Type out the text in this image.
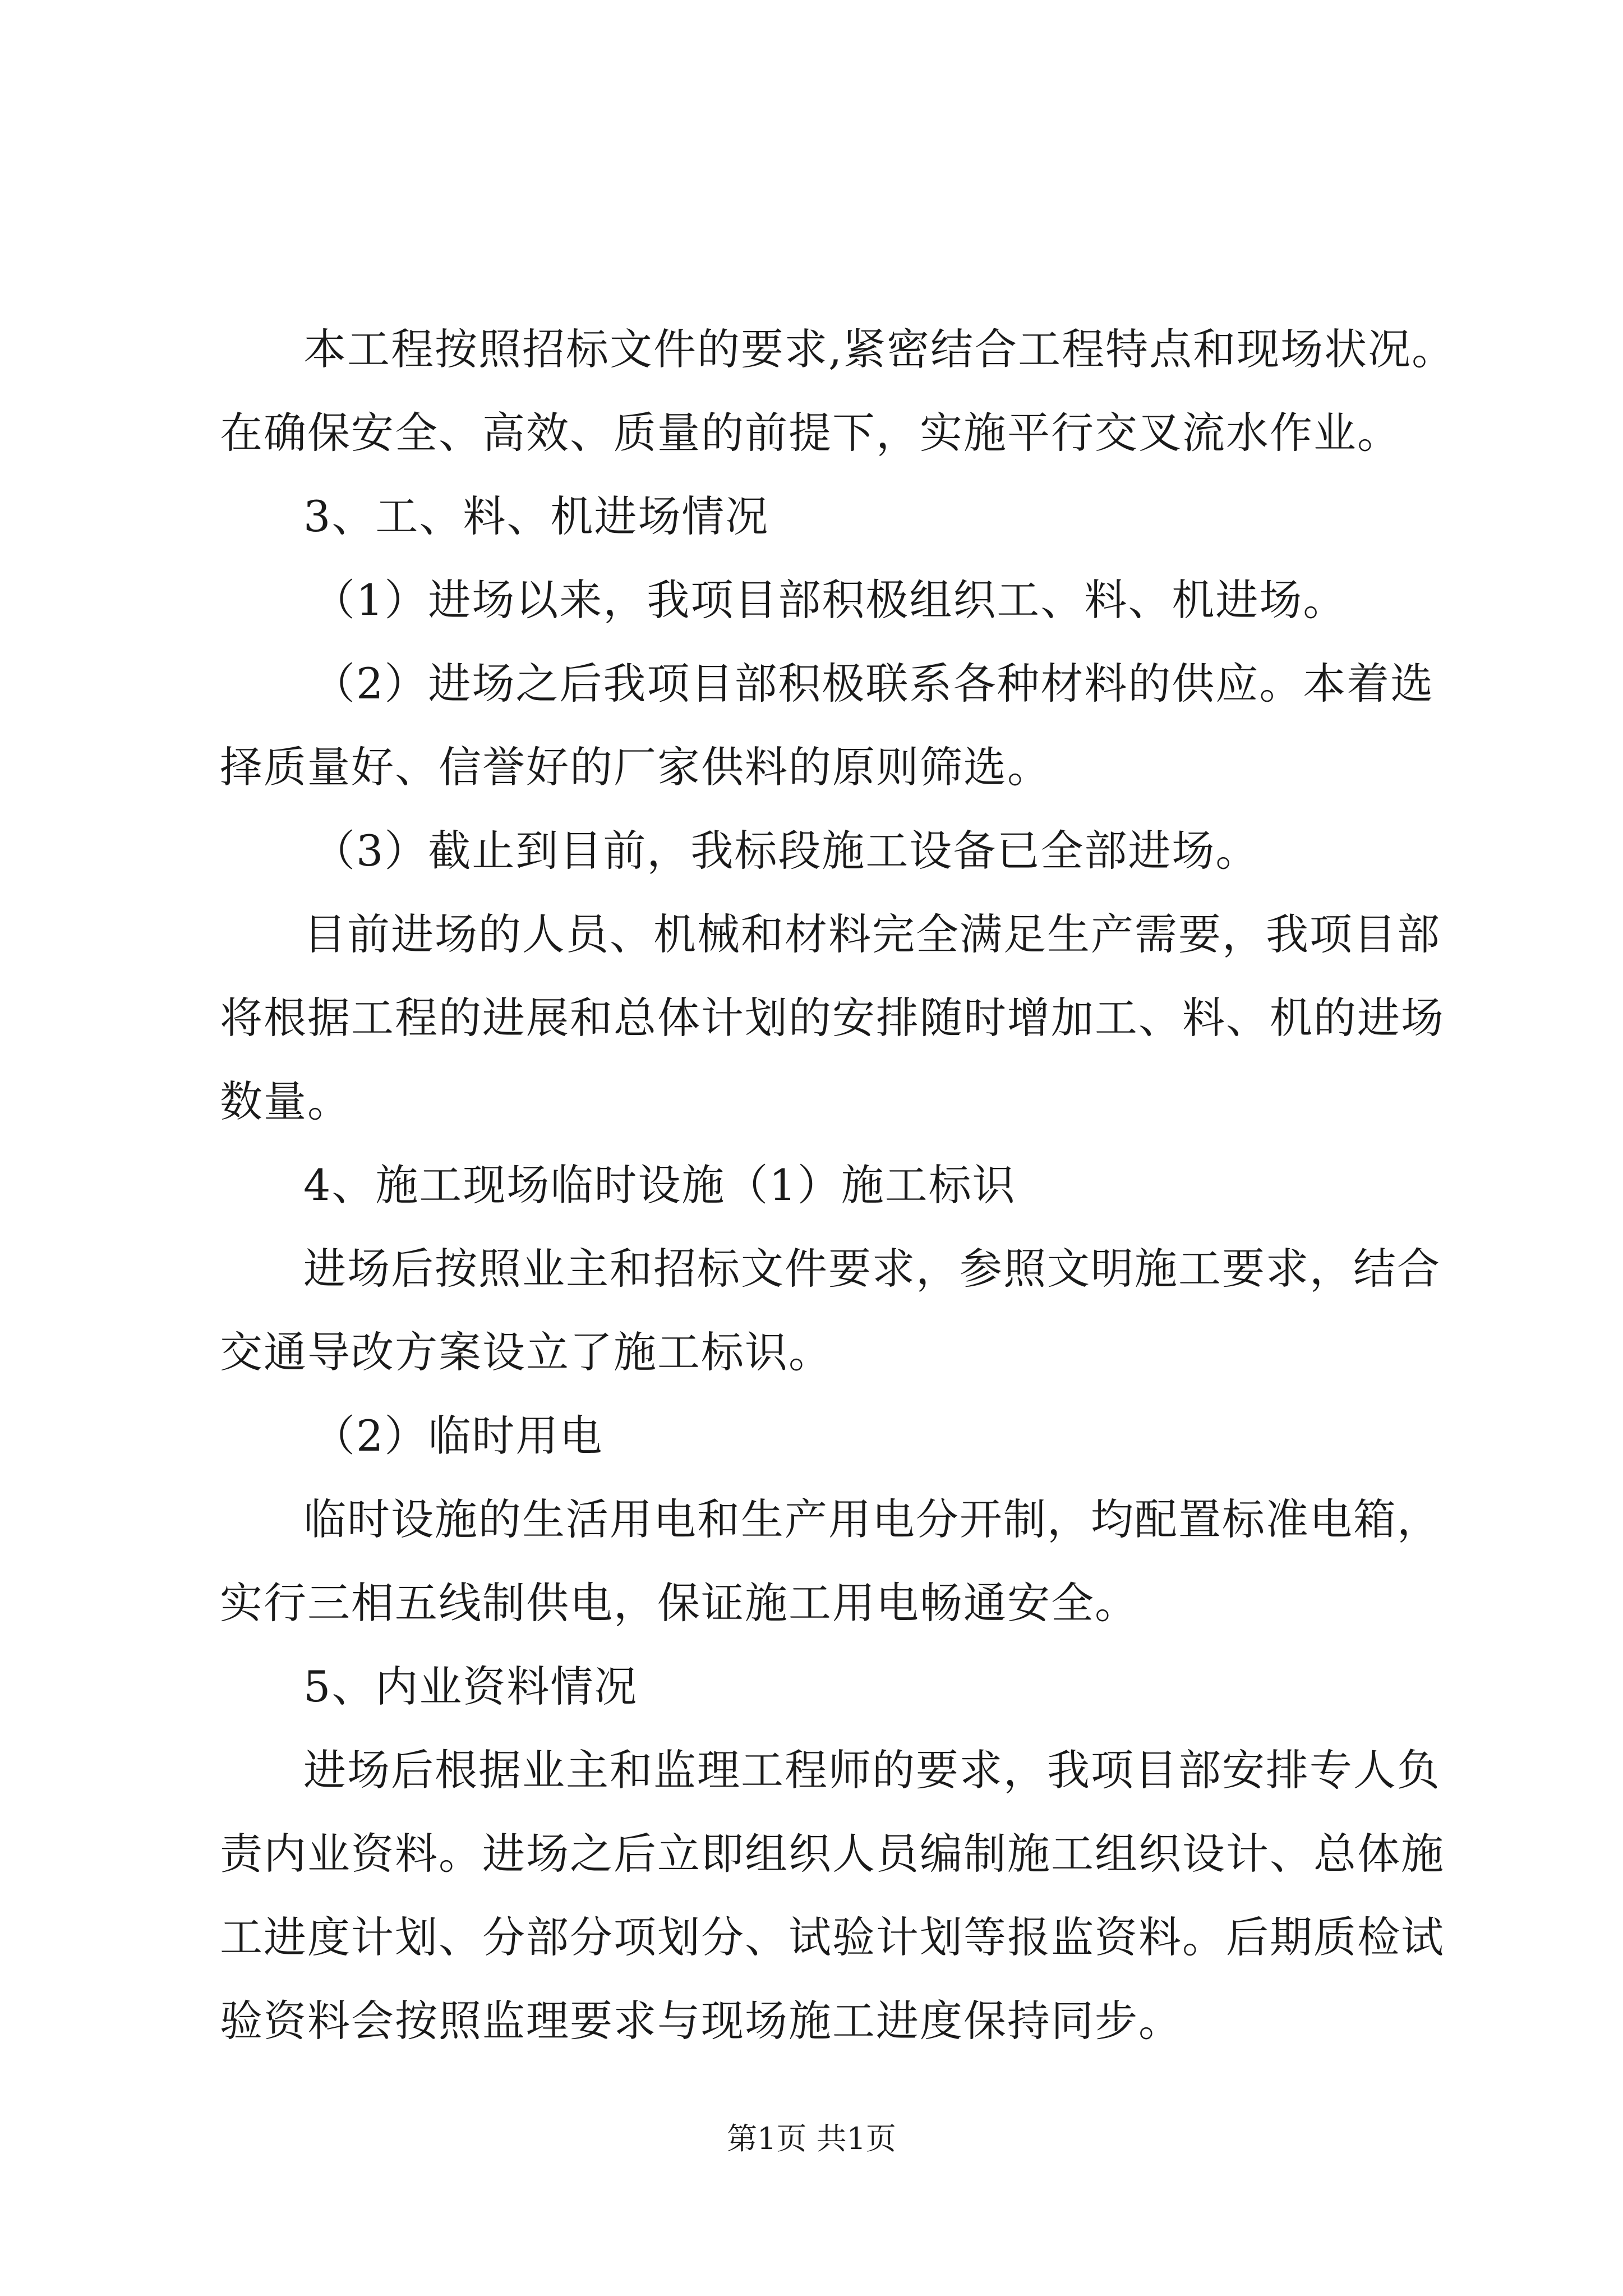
本工程按照招标文件的要求,紧密结合工程特点和现场状况。
在确保安全、高效、质量的前提下，实施平行交叉流水作业。
3、工、料、机进场情况
（1）进场以来，我项目部积极组织工、料、机进场。
（2）进场之后我项目部积极联系各种材料的供应。本着选
择质量好、信誉好的厂家供料的原则筛选。
（3）截止到目前，我标段施工设备已全部进场。
目前进场的人员、机械和材料完全满足生产需要，我项目部
将根据工程的进展和总体计划的安排随时增加工、料、机的进场
数量。
4、施工现场临时设施（1）施工标识
进场后按照业主和招标文件要求，参照文明施工要求，结合
交通导改方案设立了施工标识。
（2）临时用电
临时设施的生活用电和生产用电分开制，均配置标准电箱，
实行三相五线制供电，保证施工用电畅通安全。
5、内业资料情况
进场后根据业主和监理工程师的要求，我项目部安排专人负
责内业资料。进场之后立即组织人员编制施工组织设计、总体施
工进度计划、分部分项划分、试验计划等报监资料。后期质检试
验资料会按照监理要求与现场施工进度保持同步。
第1页 共1页
